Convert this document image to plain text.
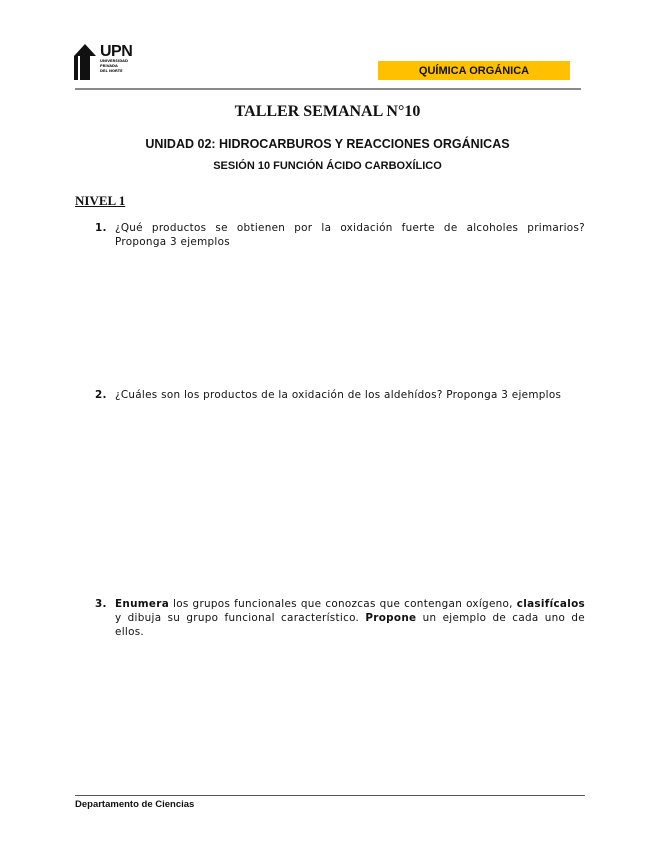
UPN
UNIVERSIDAD
PRIVADA
DEL NORTE	QUÍMICA ORGÁNICA
TALLER SEMANAL N°10
UNIDAD 02: HIDROCARBUROS Y REACCIONES ORGÁNICAS
SESIÓN 10 FUNCIÓN ÁCIDO CARBOXÍLICO
NIVEL 1
1. ¿Qué productos se obtienen por la oxidación fuerte de alcoholes primarios? Proponga 3 ejemplos
2. ¿Cuáles son los productos de la oxidación de los aldehídos? Proponga 3 ejemplos
3. Enumera los grupos funcionales que conozcas que contengan oxígeno, clasifícalos y dibuja su grupo funcional característico. Propone un ejemplo de cada uno de ellos.
Departamento de Ciencias
